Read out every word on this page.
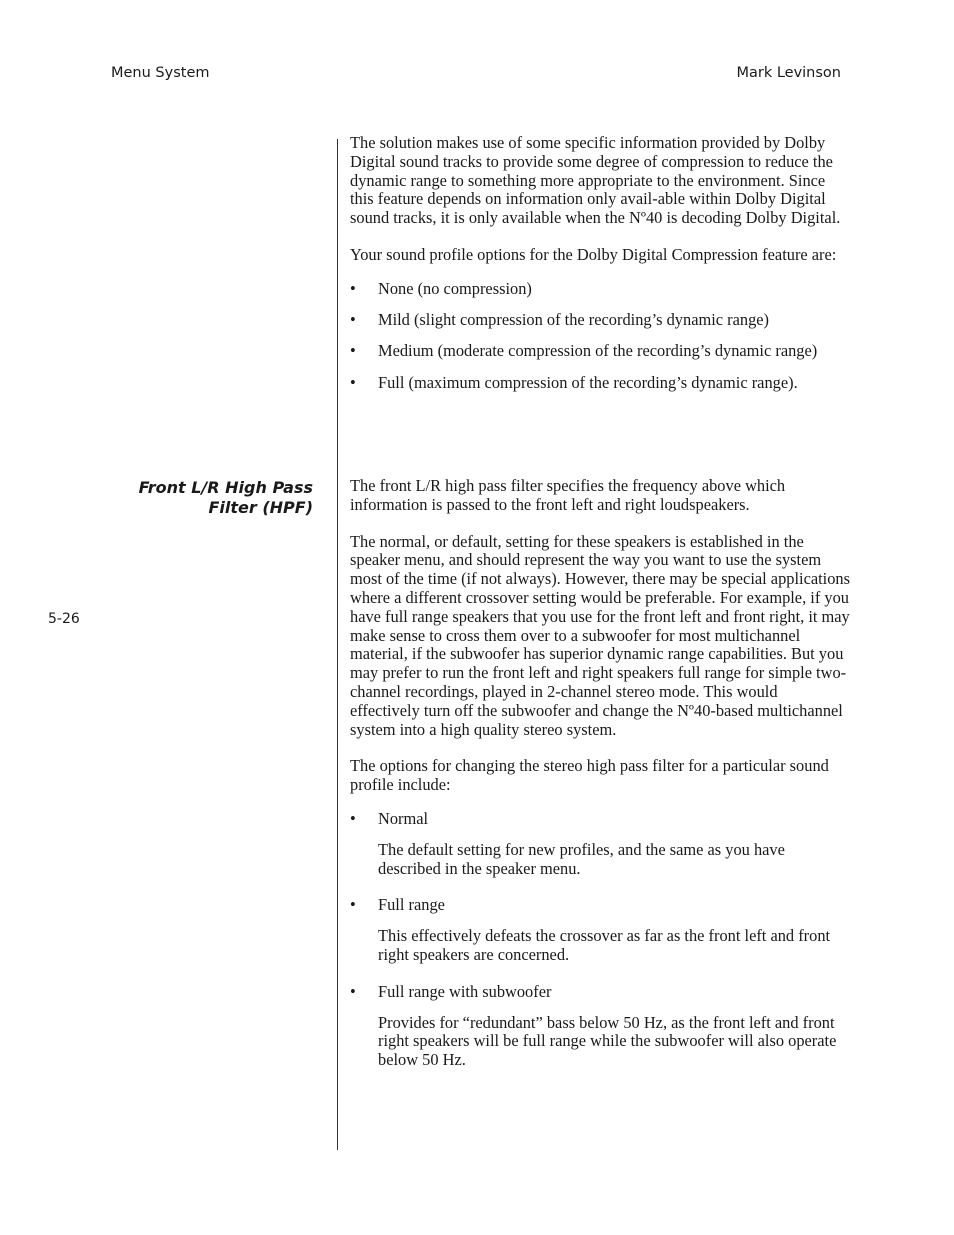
Menu System	Mark Levinson
5-26

The solution makes use of some specific information provided by Dolby Digital sound tracks to provide some degree of compression to reduce the dynamic range to something more appropriate to the environment. Since this feature depends on information only avail-able within Dolby Digital sound tracks, it is only available when the Nº40 is decoding Dolby Digital.

Your sound profile options for the Dolby Digital Compression feature are:

• None (no compression)
• Mild (slight compression of the recording’s dynamic range)
• Medium (moderate compression of the recording’s dynamic range)
• Full (maximum compression of the recording’s dynamic range).
Front L/R High Pass
Filter (HPF)

The front L/R high pass filter specifies the frequency above which information is passed to the front left and right loudspeakers.

The normal, or default, setting for these speakers is established in the speaker menu, and should represent the way you want to use the system most of the time (if not always). However, there may be special applications where a different crossover setting would be preferable. For example, if you have full range speakers that you use for the front left and front right, it may make sense to cross them over to a subwoofer for most multichannel material, if the subwoofer has superior dynamic range capabilities. But you may prefer to run the front left and right speakers full range for simple two-channel recordings, played in 2-channel stereo mode. This would effectively turn off the subwoofer and change the Nº40-based multichannel system into a high quality stereo system.

The options for changing the stereo high pass filter for a particular sound profile include:

• Normal

The default setting for new profiles, and the same as you have described in the speaker menu.

• Full range

This effectively defeats the crossover as far as the front left and front right speakers are concerned.

• Full range with subwoofer

Provides for “redundant” bass below 50 Hz, as the front left and front right speakers will be full range while the subwoofer will also operate below 50 Hz.
